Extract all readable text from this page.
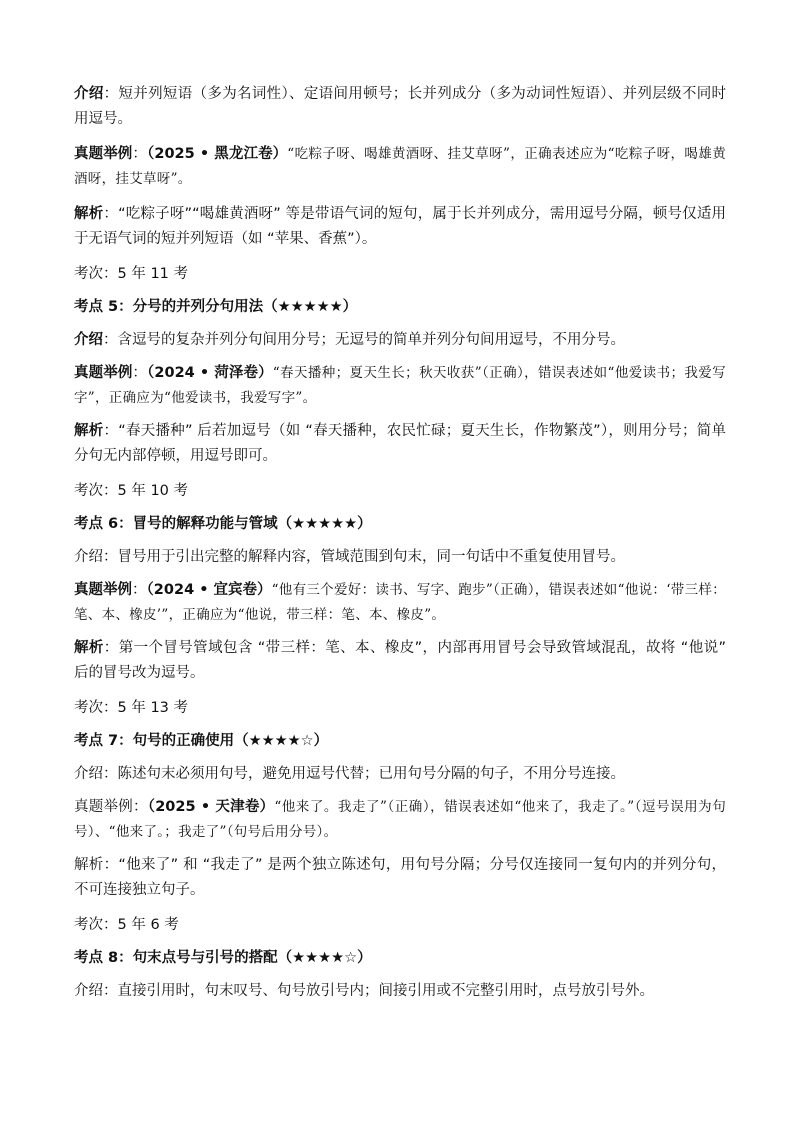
介绍：短并列短语（多为名词性）、定语间用顿号；长并列成分（多为动词性短语）、并列层级不同时用逗号。

真题举例：（2025 • 黑龙江卷）“吃粽子呀、喝雄黄酒呀、挂艾草呀”，正确表述应为“吃粽子呀，喝雄黄酒呀，挂艾草呀”。

解析：“吃粽子呀”“喝雄黄酒呀” 等是带语气词的短句，属于长并列成分，需用逗号分隔，顿号仅适用于无语气词的短并列短语（如 “苹果、香蕉”）。

考次：5 年 11 考

考点 5：分号的并列分句用法（★★★★★）

介绍：含逗号的复杂并列分句间用分号；无逗号的简单并列分句间用逗号，不用分号。

真题举例：（2024 • 菏泽卷）“春天播种；夏天生长；秋天收获”（正确），错误表述如“他爱读书；我爱写字”，正确应为“他爱读书，我爱写字”。

解析：“春天播种” 后若加逗号（如 “春天播种，农民忙碌；夏天生长，作物繁茂”），则用分号；简单分句无内部停顿，用逗号即可。

考次：5 年 10 考

考点 6：冒号的解释功能与管域（★★★★★）

介绍：冒号用于引出完整的解释内容，管域范围到句末，同一句话中不重复使用冒号。

真题举例：（2024 • 宜宾卷）“他有三个爱好：读书、写字、跑步”（正确），错误表述如“他说：‘带三样：笔、本、橡皮’”，正确应为“他说，带三样：笔、本、橡皮”。

解析：第一个冒号管域包含 “带三样：笔、本、橡皮”，内部再用冒号会导致管域混乱，故将 “他说” 后的冒号改为逗号。

考次：5 年 13 考

考点 7：句号的正确使用（★★★★☆）

介绍：陈述句末必须用句号，避免用逗号代替；已用句号分隔的句子，不用分号连接。

真题举例：（2025 • 天津卷）“他来了。我走了”（正确），错误表述如“他来了，我走了。”（逗号误用为句号）、“他来了。；我走了”（句号后用分号）。

解析：“他来了” 和 “我走了” 是两个独立陈述句，用句号分隔；分号仅连接同一复句内的并列分句，不可连接独立句子。

考次：5 年 6 考

考点 8：句末点号与引号的搭配（★★★★☆）

介绍：直接引用时，句末叹号、句号放引号内；间接引用或不完整引用时，点号放引号外。
